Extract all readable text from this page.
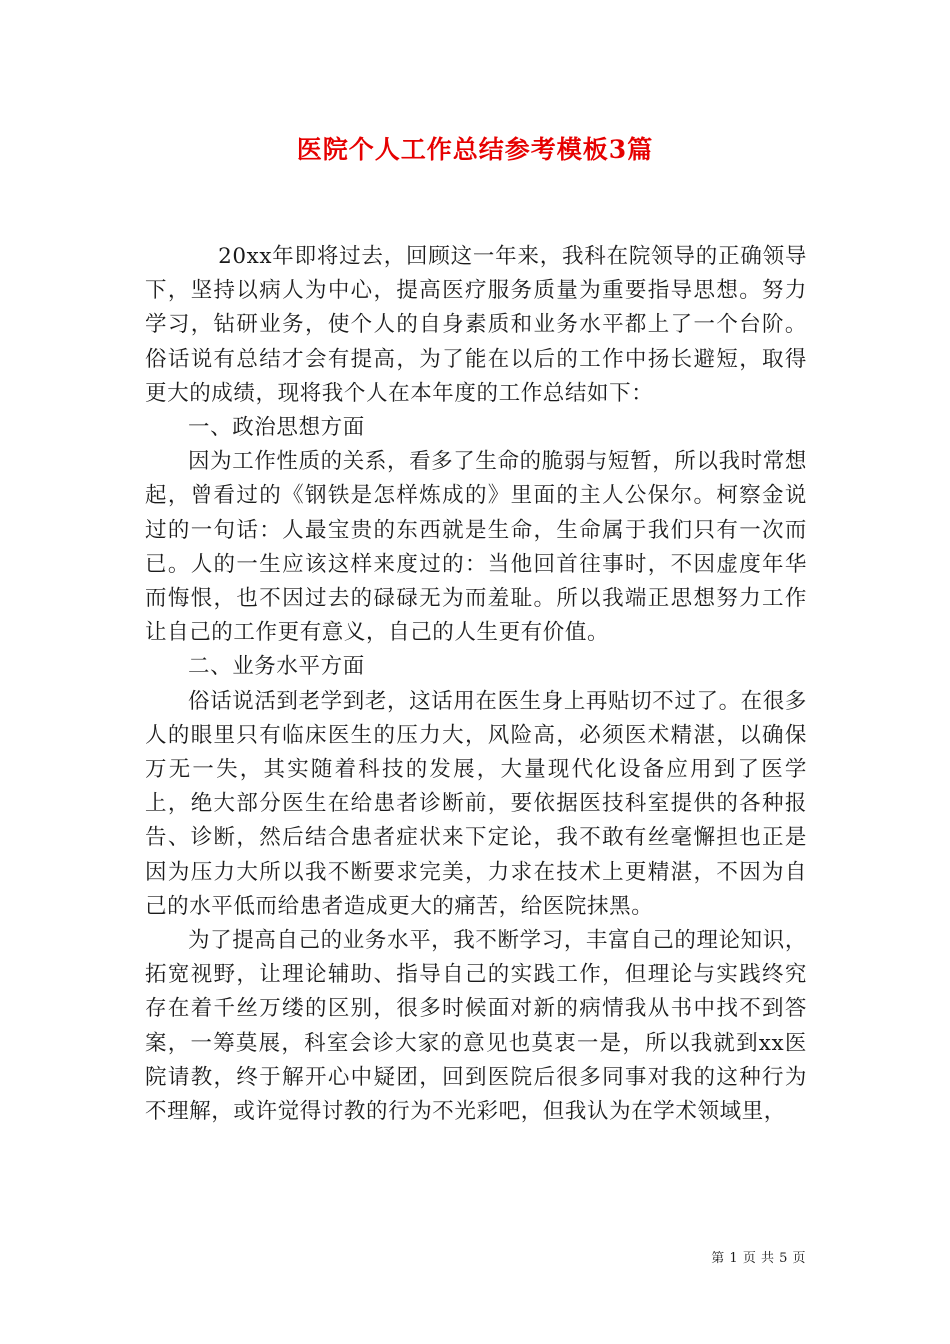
医院个人工作总结参考模板3篇

20xx年即将过去，回顾这一年来，我科在院领导的正确领导下，坚持以病人为中心，提高医疗服务质量为重要指导思想。努力学习，钻研业务，使个人的自身素质和业务水平都上了一个台阶。俗话说有总结才会有提高，为了能在以后的工作中扬长避短，取得更大的成绩，现将我个人在本年度的工作总结如下：

一、政治思想方面

因为工作性质的关系，看多了生命的脆弱与短暂，所以我时常想起，曾看过的《钢铁是怎样炼成的》里面的主人公保尔。柯察金说过的一句话：人最宝贵的东西就是生命，生命属于我们只有一次而已。人的一生应该这样来度过的：当他回首往事时，不因虚度年华而悔恨，也不因过去的碌碌无为而羞耻。所以我端正思想努力工作让自己的工作更有意义，自己的人生更有价值。

二、业务水平方面

俗话说活到老学到老，这话用在医生身上再贴切不过了。在很多人的眼里只有临床医生的压力大，风险高，必须医术精湛，以确保万无一失，其实随着科技的发展，大量现代化设备应用到了医学上，绝大部分医生在给患者诊断前，要依据医技科室提供的各种报告、诊断，然后结合患者症状来下定论，我不敢有丝毫懈担也正是因为压力大所以我不断要求完美，力求在技术上更精湛，不因为自己的水平低而给患者造成更大的痛苦，给医院抹黑。

为了提高自己的业务水平，我不断学习，丰富自己的理论知识，拓宽视野，让理论辅助、指导自己的实践工作，但理论与实践终究存在着千丝万缕的区别，很多时候面对新的病情我从书中找不到答案，一筹莫展，科室会诊大家的意见也莫衷一是，所以我就到xx医院请教，终于解开心中疑团，回到医院后很多同事对我的这种行为不理解，或许觉得讨教的行为不光彩吧，但我认为在学术领域里，

第 1 页 共 5 页
